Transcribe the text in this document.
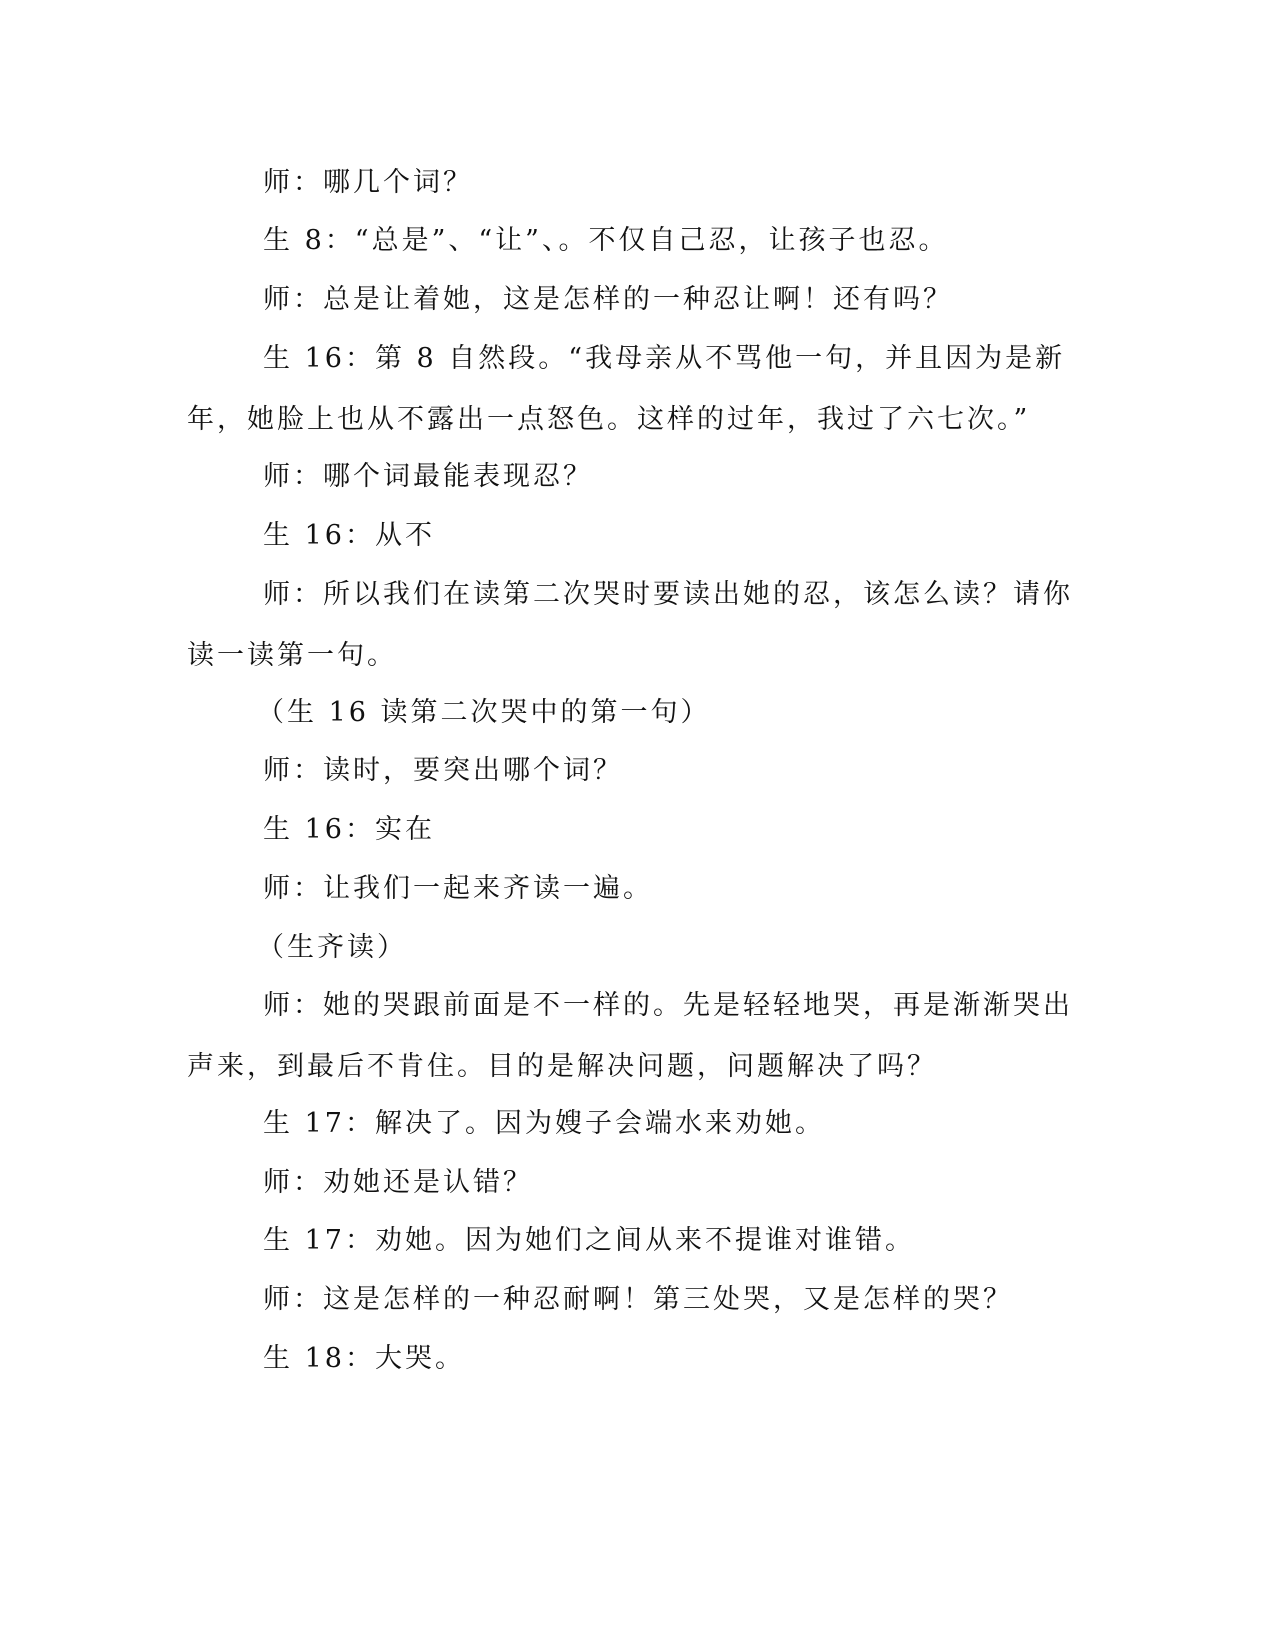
师：哪几个词？

生 8：“总是”、“让”、。不仅自己忍，让孩子也忍。

师：总是让着她，这是怎样的一种忍让啊！还有吗？

生 16：第 8 自然段。“我母亲从不骂他一句，并且因为是新年，她脸上也从不露出一点怒色。这样的过年，我过了六七次。”

师：哪个词最能表现忍？

生 16：从不

师：所以我们在读第二次哭时要读出她的忍，该怎么读？请你读一读第一句。

（生 16 读第二次哭中的第一句）

师：读时，要突出哪个词？

生 16：实在

师：让我们一起来齐读一遍。

（生齐读）

师：她的哭跟前面是不一样的。先是轻轻地哭，再是渐渐哭出声来，到最后不肯住。目的是解决问题，问题解决了吗？

生 17：解决了。因为嫂子会端水来劝她。

师：劝她还是认错？

生 17：劝她。因为她们之间从来不提谁对谁错。

师：这是怎样的一种忍耐啊！第三处哭，又是怎样的哭？

生 18：大哭。
